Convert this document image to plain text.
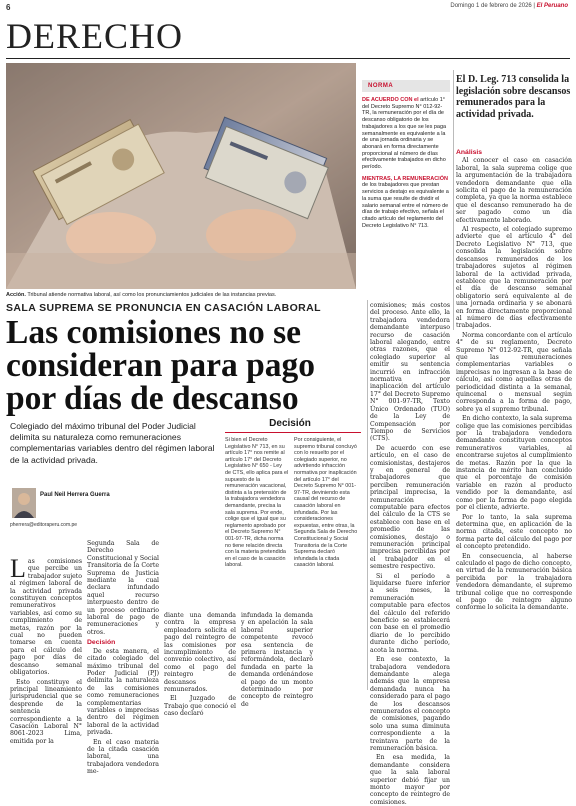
6	Domingo 1 de febrero de 2026 | El Peruano
DERECHO

Acción. Tribunal atiende normativa laboral, así como los pronunciamientos judiciales de las instancias previas.

NORMA

DE ACUERDO CON el artículo 1° del Decreto Supremo N° 012-92-TR, la remuneración por el día de descanso obligatorio de los trabajadores a los que se les paga semanalmente es equivalente a la de una jornada ordinaria y se abonará en forma directamente proporcional al número de días efectivamente trabajados en dicho período.

MIENTRAS, LA REMUNERACIÓN de los trabajadores que prestan servicios a destajo es equivalente a la suma que resulte de dividir el salario semanal entre el número de días de trabajo efectivo, señala el citado artículo del reglamento del Decreto Legislativo N° 713.

El D. Leg. 713 consolida la legislación sobre descansos remunerados para la actividad privada.
Análisis

Al conocer el caso en casación laboral, la sala suprema colige que la argumentación de la trabajadora vendedora demandante que ella solicita el pago de la remuneración completa, ya que la norma establece que el descanso remunerado ha de ser pagado como un día efectivamente laborado.

Al respecto, el colegiado supremo advierte que el artículo 4° del Decreto Legislativo N° 713, que consolida la legislación sobre descansos remunerados de los trabajadores sujetos al régimen laboral de la actividad privada, establece que la remuneración por el día de descanso semanal obligatorio será equivalente al de una jornada ordinaria y se abonará en forma directamente proporcional al número de días efectivamente trabajados.

Norma concordante con el artículo 4° de su reglamento, Decreto Supremo N° 012-92-TR, que señala que las remuneraciones complementarias variables o imprecisas no ingresan a la base de cálculo, así como aquellas otras de periodicidad distinta a la semanal, quincenal o mensual según corresponda a la forma de pago, sobre ya el supremo tribunal.

En dicho contexto, la sala suprema colige que las comisiones percibidas por la trabajadora vendedora demandante constituyen conceptos remunerativos variables, al encontrarse sujetos al cumplimiento de metas. Razón por la que la instancia de mérito han concluido que el porcentaje de comisión variable en razón al producto vendido por la demandante, así como por la forma de pago elegida por el cliente, advierte.

Por lo tanto, la sala suprema determina que, en aplicación de la norma citada, este concepto no forma parte del cálculo del pago por el concepto pretendido.

En consecuencia, al haberse calculado el pago de dicho concepto, en virtud de la remuneración básica percibida por la trabajadora vendedora demandante, el supremo tribunal colige que no corresponde el pago de reintegro alguno conforme lo solicita la demandante.

SALA SUPREMA SE PRONUNCIA EN CASACIÓN LABORAL
Las comisiones no se consideran para pago por días de descanso

Colegiado del máximo tribunal del Poder Judicial delimita su naturaleza como remuneraciones complementarias variables dentro del régimen laboral de la actividad privada.

Decisión
Si bien el Decreto Legislativo N° 713, en su artículo 17° nos remite al artículo 17° del Decreto Legislativo N° 650 - Ley de CTS, ello aplica para el supuesto de la remuneración vacacional, distinta a la pretensión de la trabajadora vendedora demandante, precisa la sala suprema. Por ende, colige que el igual que su reglamento aprobado por el Decreto Supremo N° 001-97-TR, dicha norma no tiene relación directa con la materia pretendida en el caso de la casación laboral.
Por consiguiente, el supremo tribunal concluyó con lo resuelto por el colegiado superior, no advirtiendo infracción normativa por inaplicación del artículo 17° del Decreto Supremo N° 001-97-TR, deviniendo esta causal del recurso de casación laboral en infundada. Por las consideraciones expuestas, entre otras, la Segunda Sala de Derecho Constitucional y Social Transitoria de la Corte Suprema declaró infundada la citada casación laboral.
Paul Neil Herrera Guerra
pherrera@editoraperu.com.pe

Las comisiones que percibe un trabajador sujeto al régimen laboral de la actividad privada constituyen conceptos remunerativos variables, así como su cumplimiento de metas, razón por la cual no pueden tomarse en cuenta para el cálculo del pago por días de descanso semanal obligatorios.

Esto constituye el principal lineamiento jurisprudencial que se desprende de la sentencia correspondiente a la Casación Laboral N° 8061-2023 Lima, emitida por la

Segunda Sala de Derecho Constitucional y Social Transitoria de la Corte Suprema de Justicia mediante la cual declara infundado aquel recurso interpuesto dentro de un proceso ordinario laboral de pago de remuneraciones y otros.

Decisión

De esta manera, el citado colegiado del máximo tribunal del Poder Judicial (PJ) delimita la naturaleza de las comisiones como remuneraciones complementarias variables o imprecisas dentro del régimen laboral de la actividad privada.

En el caso materia de la citada casación laboral, una trabajadora vendedora me-

diante una demanda contra la empresa empleadora solicita el pago del reintegro de las comisiones por incumplimiento de convenio colectivo, así como el pago del reintegro de descansos remunerados.

El Juzgado de Trabajo que conoció el caso declaró

infundada la demanda y en apelación la sala laboral superior competente revocó esa sentencia de primera instancia y reformándola, declaró fundada en parte la demanda ordenándose el pago de un monto determinado por concepto de reintegro de

comisiones; más costos del proceso. Ante ello, la trabajadora vendedora demandante interpuso recurso de casación laboral alegando, entre otras razones, que el colegiado superior al emitir su sentencia incurrió en infracción normativa por inaplicación del artículo 17° del Decreto Supremo N° 001-97-TR, Texto Único Ordenado (TUO) de la Ley de Compensación por Tiempo de Servicios (CTS).

De acuerdo con ese artículo, en el caso de comisionistas, destajeros y en general de trabajadores que perciben remuneración principal imprecisa, la remuneración computable para efectos del cálculo de la CTS se establece con base en el promedio de las comisiones, destajo o remuneración principal imprecisa percibidas por el trabajador en el semestre respectivo.

Si el período a liquidarse fuere inferior a seis meses, la remuneración computable para efectos del cálculo del referido beneficio se establecerá con base en el promedio diario de lo percibido durante dicho período, acota la norma.

En ese contexto, la trabajadora vendedora demandante alega además que la empresa demandada nunca ha considerado para el pago de los descansos remunerados el concepto de comisiones, pagando solo una suma diminuta correspondiente a la treintava parte de la remuneración básica.

En esa medida, la demandante considera que la sala laboral superior debió fijar un monto mayor por concepto de reintegro de comisiones.
